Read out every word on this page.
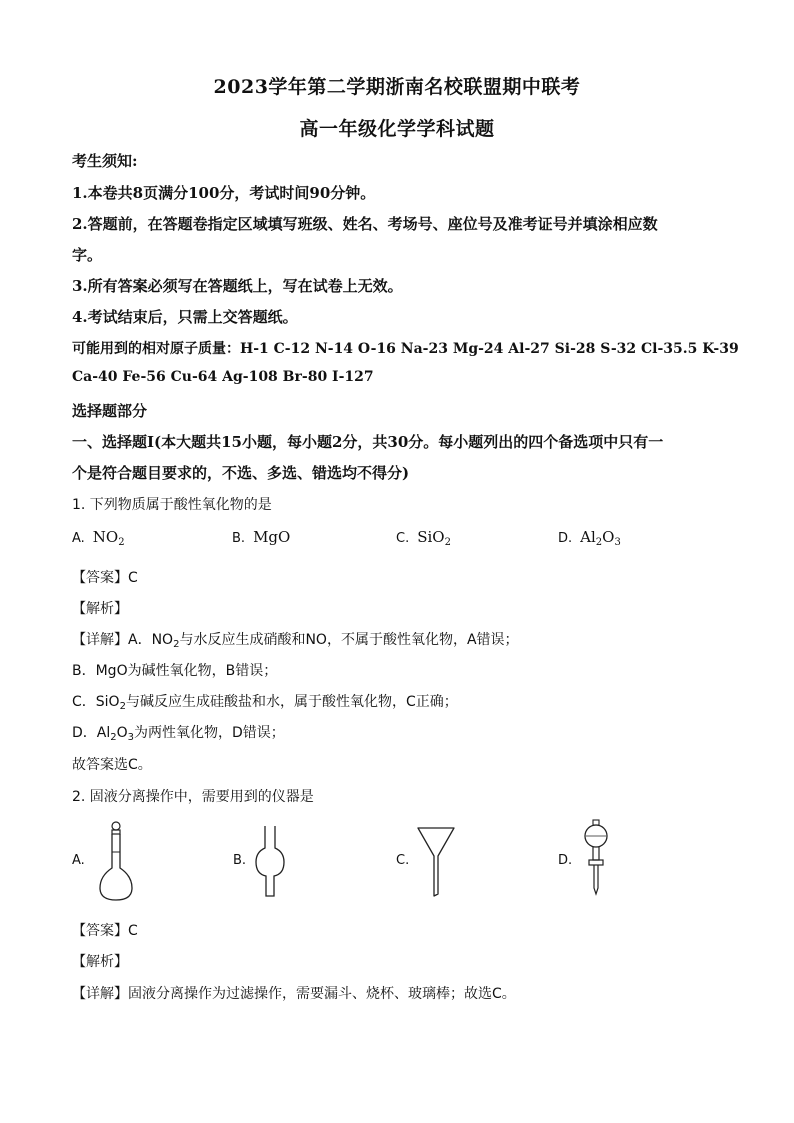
2023学年第二学期浙南名校联盟期中联考
高一年级化学学科试题
考生须知:
1.本卷共8页满分100分，考试时间90分钟。
2.答题前，在答题卷指定区域填写班级、姓名、考场号、座位号及准考证号并填涂相应数
字。
3.所有答案必须写在答题纸上，写在试卷上无效。
4.考试结束后，只需上交答题纸。
可能用到的相对原子质量：H-1 C-12 N-14 O-16 Na-23 Mg-24 Al-27 Si-28 S-32 Cl-35.5 K-39
Ca-40 Fe-56 Cu-64 Ag-108 Br-80 I-127
选择题部分
一、选择题I(本大题共15小题，每小题2分，共30分。每小题列出的四个备选项中只有一
个是符合题目要求的，不选、多选、错选均不得分)
1. 下列物质属于酸性氧化物的是
A. $NO_2$	B. MgO	C. SiO$_2$	D. $Al_2O_3$
【答案】C
【解析】
【详解】A．$NO_2$与水反应生成硝酸和NO，不属于酸性氧化物，A错误；
B．MgO为碱性氧化物，B错误；
C．SiO$_2$与碱反应生成硅酸盐和水，属于酸性氧化物，C正确；
D．$Al_2O_3$为两性氧化物，D错误；
故答案选C。
2. 固液分离操作中，需要用到的仪器是
A.	B.	C.	D.
【答案】C
【解析】
【详解】固液分离操作为过滤操作，需要漏斗、烧杯、玻璃棒；故选C。
